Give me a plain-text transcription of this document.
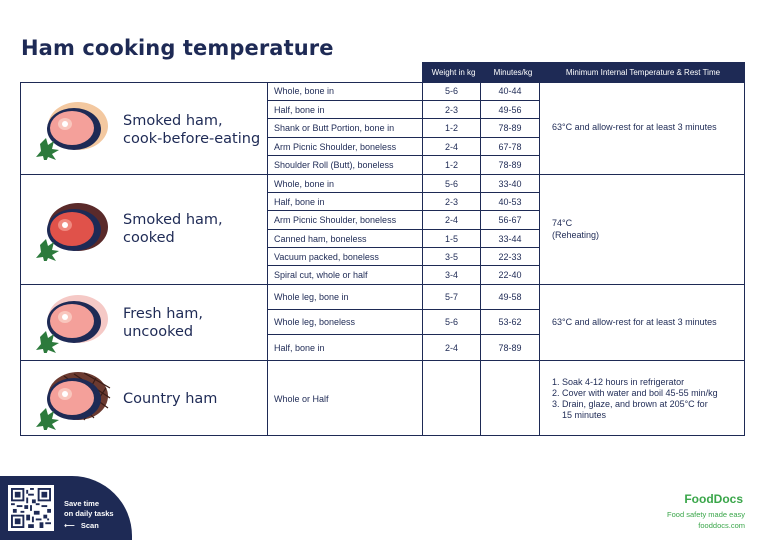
Ham cooking temperature
Weight in kg Minutes/kg	Minimum Internal Temperature & Rest Time
Smoked ham,
cook-before-eating
Whole, bone in	5-6	40-44
Half, bone in	2-3	49-56
Shank or Butt Portion, bone in	1-2	78-89
Arm Picnic Shoulder, boneless	2-4	67-78
Shoulder Roll (Butt), boneless	1-2	78-89
63°C and allow-rest for at least 3 minutes
Smoked ham,
cooked
Whole, bone in	5-6	33-40
Half, bone in	2-3	40-53
Arm Picnic Shoulder, boneless	2-4	56-67
Canned ham, boneless	1-5	33-44
Vacuum packed, boneless	3-5	22-33
Spiral cut, whole or half	3-4	22-40
74°C
(Reheating)
Fresh ham,
uncooked
Whole leg, bone in	5-7	49-58
Whole leg, boneless	5-6	53-62
Half, bone in	2-4	78-89
63°C and allow-rest for at least 3 minutes
Country ham	Whole or Half
1. Soak 4-12 hours in refrigerator
2. Cover with water and boil 45-55 min/kg
3. Drain, glaze, and brown at 205°C for
15 minutes
Save time
on daily tasks
⟵ Scan
FoodDocs
Food safety made easy
fooddocs.com
